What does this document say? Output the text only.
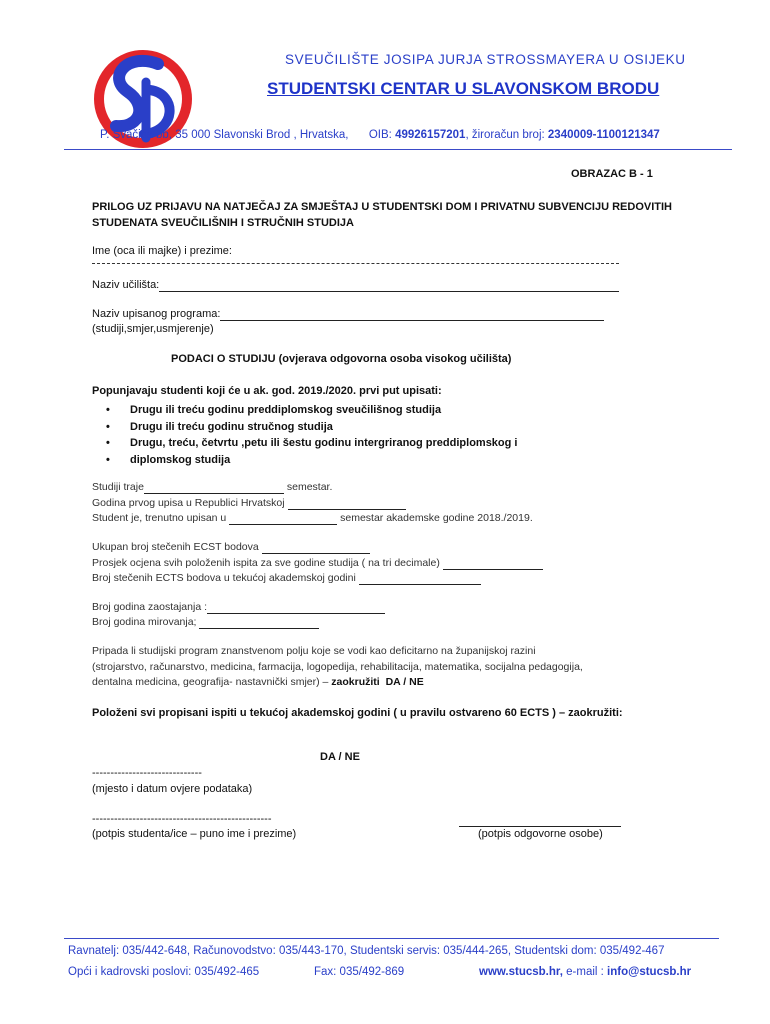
SVEUČILIŠTE JOSIPA JURJA STROSSMAYERA U OSIJEKU
STUDENTSKI CENTAR U SLAVONSKOM BRODU
P. Svačića bb, 35 000 Slavonski Brod , Hrvatska, OIB: 49926157201, žiroračun broj: 2340009-1100121347
OBRAZAC B - 1
PRILOG UZ PRIJAVU NA NATJEČAJ ZA SMJEŠTAJ U STUDENTSKI DOM I PRIVATNU SUBVENCIJU REDOVITIH STUDENATA SVEUČILIŠNIH I STRUČNIH STUDIJA
Ime (oca ili majke) i prezime:
Naziv učilišta:
Naziv upisanog programa:
(studiji,smjer,usmjerenje)
PODACI O STUDIJU (ovjerava odgovorna osoba visokog učilišta)
Popunjavaju studenti koji će u ak. god. 2019./2020. prvi put upisati:
• Drugu ili treću godinu preddiplomskog sveučilišnog studija
• Drugu ili treću godinu stručnog studija
• Drugu, treću, četvrtu ,petu ili šestu godinu intergriranog preddiplomskog i
• diplomskog studija
Studiji traje	semestar.
Godina prvog upisa u Republici Hrvatskoj
Student je, trenutno upisan u	semestar akademske godine 2018./2019.
Ukupan broj stečenih ECST bodova
Prosjek ocjena svih položenih ispita za sve godine studija ( na tri decimale)
Broj stečenih ECTS bodova u tekućoj akademskoj godini
Broj godina zaostajanja :
Broj godina mirovanja;
Pripada li studijski program znanstvenom polju koje se vodi kao deficitarno na županijskoj razini
(strojarstvo, računarstvo, medicina, farmacija, logopedija, rehabilitacija, matematika, socijalna pedagogija,
dentalna medicina, geografija- nastavnički smjer) – zaokružiti DA / NE
Položeni svi propisani ispiti u tekućoj akademskoj godini ( u pravilu ostvareno 60 ECTS ) – zaokružiti:
DA / NE
------------------------------
(mjesto i datum ovjere podataka)
-------------------------------------------------
(potpis studenta/ice – puno ime i prezime)	(potpis odgovorne osobe)
Ravnatelj: 035/442-648, Računovodstvo: 035/443-170, Studentski servis: 035/444-265, Studentski dom: 035/492-467
Opći i kadrovski poslovi: 035/492-465	Fax: 035/492-869	www.stucsb.hr, e-mail : info@stucsb.hr
